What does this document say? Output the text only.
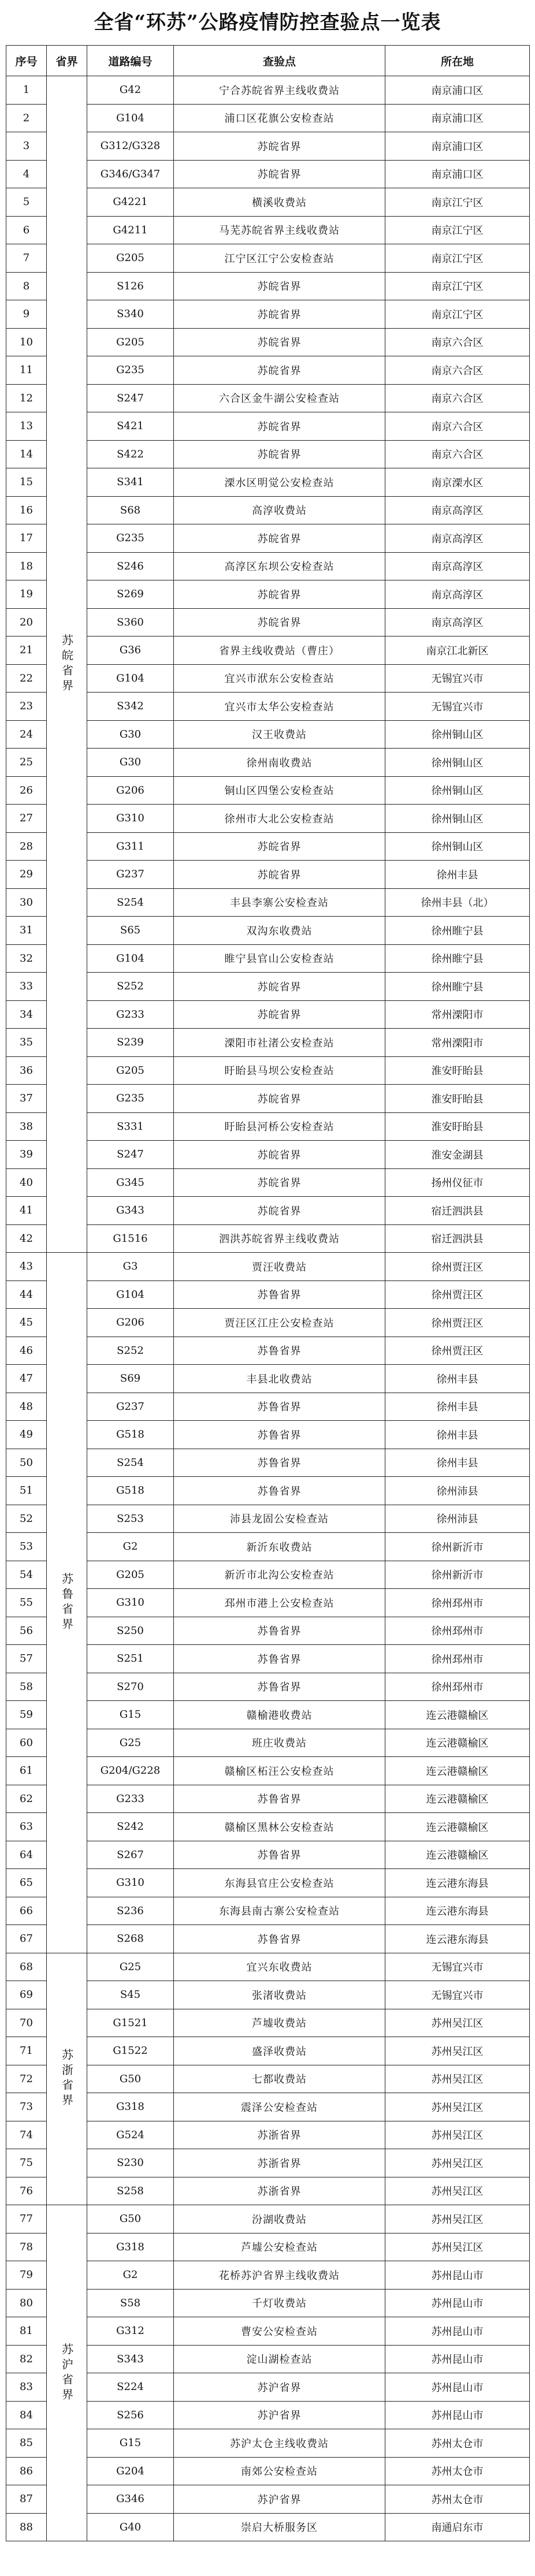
全省“环苏”公路疫情防控查验点一览表
序号	省界	道路编号	查验点	所在地
1	苏皖省界	G42	宁合苏皖省界主线收费站	南京浦口区
2		G104	浦口区花旗公安检查站	南京浦口区
3		G312/G328	苏皖省界	南京浦口区
4		G346/G347	苏皖省界	南京浦口区
5		G4221	横溪收费站	南京江宁区
6		G4211	马芜苏皖省界主线收费站	南京江宁区
7		G205	江宁区江宁公安检查站	南京江宁区
8		S126	苏皖省界	南京江宁区
9		S340	苏皖省界	南京江宁区
10		G205	苏皖省界	南京六合区
11		G235	苏皖省界	南京六合区
12		S247	六合区金牛湖公安检查站	南京六合区
13		S421	苏皖省界	南京六合区
14		S422	苏皖省界	南京六合区
15		S341	溧水区明觉公安检查站	南京溧水区
16		S68	高淳收费站	南京高淳区
17		G235	苏皖省界	南京高淳区
18		S246	高淳区东坝公安检查站	南京高淳区
19		S269	苏皖省界	南京高淳区
20		S360	苏皖省界	南京高淳区
21		G36	省界主线收费站（曹庄）	南京江北新区
22		G104	宜兴市洑东公安检查站	无锡宜兴市
23		S342	宜兴市太华公安检查站	无锡宜兴市
24		G30	汉王收费站	徐州铜山区
25		G30	徐州南收费站	徐州铜山区
26		G206	铜山区四堡公安检查站	徐州铜山区
27		G310	徐州市大北公安检查站	徐州铜山区
28		G311	苏皖省界	徐州铜山区
29		G237	苏皖省界	徐州丰县
30		S254	丰县李寨公安检查站	徐州丰县（北）
31		S65	双沟东收费站	徐州睢宁县
32		G104	睢宁县官山公安检查站	徐州睢宁县
33		S252	苏皖省界	徐州睢宁县
34		G233	苏皖省界	常州溧阳市
35		S239	溧阳市社渚公安检查站	常州溧阳市
36		G205	盱眙县马坝公安检查站	淮安盱眙县
37		G235	苏皖省界	淮安盱眙县
38		S331	盱眙县河桥公安检查站	淮安盱眙县
39		S247	苏皖省界	淮安金湖县
40		G345	苏皖省界	扬州仪征市
41		G343	苏皖省界	宿迁泗洪县
42		G1516	泗洪苏皖省界主线收费站	宿迁泗洪县
43	苏鲁省界	G3	贾汪收费站	徐州贾汪区
44		G104	苏鲁省界	徐州贾汪区
45		G206	贾汪区江庄公安检查站	徐州贾汪区
46		S252	苏鲁省界	徐州贾汪区
47		S69	丰县北收费站	徐州丰县
48		G237	苏鲁省界	徐州丰县
49		G518	苏鲁省界	徐州丰县
50		S254	苏鲁省界	徐州丰县
51		G518	苏鲁省界	徐州沛县
52		S253	沛县龙固公安检查站	徐州沛县
53		G2	新沂东收费站	徐州新沂市
54		G205	新沂市北沟公安检查站	徐州新沂市
55		G310	邳州市港上公安检查站	徐州邳州市
56		S250	苏鲁省界	徐州邳州市
57		S251	苏鲁省界	徐州邳州市
58		S270	苏鲁省界	徐州邳州市
59		G15	赣榆港收费站	连云港赣榆区
60		G25	班庄收费站	连云港赣榆区
61		G204/G228	赣榆区柘汪公安检查站	连云港赣榆区
62		G233	苏鲁省界	连云港赣榆区
63		S242	赣榆区黑林公安检查站	连云港赣榆区
64		S267	苏鲁省界	连云港赣榆区
65		G310	东海县官庄公安检查站	连云港东海县
66		S236	东海县南古寨公安检查站	连云港东海县
67		S268	苏鲁省界	连云港东海县
68	苏浙省界	G25	宜兴东收费站	无锡宜兴市
69		S45	张渚收费站	无锡宜兴市
70		G1521	芦墟收费站	苏州吴江区
71		G1522	盛泽收费站	苏州吴江区
72		G50	七都收费站	苏州吴江区
73		G318	震泽公安检查站	苏州吴江区
74		G524	苏浙省界	苏州吴江区
75		S230	苏浙省界	苏州吴江区
76		S258	苏浙省界	苏州吴江区
77	苏沪省界	G50	汾湖收费站	苏州吴江区
78		G318	芦墟公安检查站	苏州吴江区
79		G2	花桥苏沪省界主线收费站	苏州昆山市
80		S58	千灯收费站	苏州昆山市
81		G312	曹安公安检查站	苏州昆山市
82		S343	淀山湖检查站	苏州昆山市
83		S224	苏沪省界	苏州昆山市
84		S256	苏沪省界	苏州昆山市
85		G15	苏沪太仓主线收费站	苏州太仓市
86		G204	南郊公安检查站	苏州太仓市
87		G346	苏沪省界	苏州太仓市
88		G40	崇启大桥服务区	南通启东市
